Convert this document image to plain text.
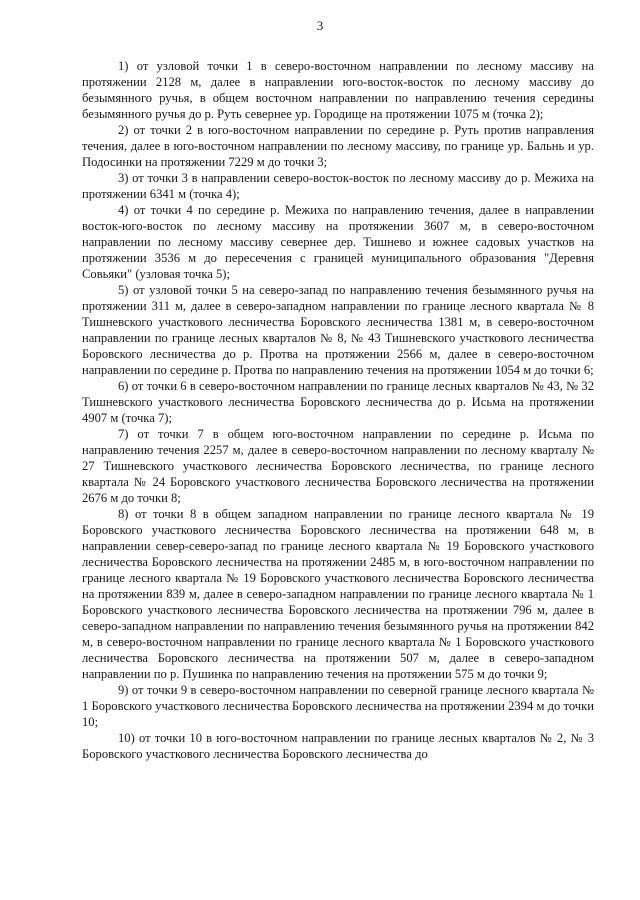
3

1) от узловой точки 1 в северо-восточном направлении по лесному массиву на протяжении 2128 м, далее в направлении юго-восток-восток по лесному массиву до безымянного ручья, в общем восточном направлении по направлению течения середины безымянного ручья до р. Руть севернее ур. Городище на протяжении 1075 м (точка 2);

2) от точки 2 в юго-восточном направлении по середине р. Руть против направления течения, далее в юго-восточном направлении по лесному массиву, по границе ур. Бальнь и ур. Подосинки на протяжении 7229 м до точки 3;

3) от точки 3 в направлении северо-восток-восток по лесному массиву до р. Межиха на протяжении 6341 м (точка 4);

4) от точки 4 по середине р. Межиха по направлению течения, далее в направлении восток-юго-восток по лесному массиву на протяжении 3607 м, в северо-восточном направлении по лесному массиву севернее дер. Тишнево и южнее садовых участков на протяжении 3536 м до пересечения с границей муниципального образования "Деревня Совьяки" (узловая точка 5);

5) от узловой точки 5 на северо-запад по направлению течения безымянного ручья на протяжении 311 м, далее в северо-западном направлении по границе лесного квартала № 8 Тишневского участкового лесничества Боровского лесничества 1381 м, в северо-восточном направлении по границе лесных кварталов № 8, № 43 Тишневского участкового лесничества Боровского лесничества до р. Протва на протяжении 2566 м, далее в северо-восточном направлении по середине р. Протва по направлению течения на протяжении 1054 м до точки 6;

6) от точки 6 в северо-восточном направлении по границе лесных кварталов № 43, № 32 Тишневского участкового лесничества Боровского лесничества до р. Исьма на протяжении 4907 м (точка 7);

7) от точки 7 в общем юго-восточном направлении по середине р. Исьма по направлению течения 2257 м, далее в северо-восточном направлении по лесному кварталу № 27 Тишневского участкового лесничества Боровского лесничества, по границе лесного квартала № 24 Боровского участкового лесничества Боровского лесничества на протяжении 2676 м до точки 8;

8) от точки 8 в общем западном направлении по границе лесного квартала № 19 Боровского участкового лесничества Боровского лесничества на протяжении 648 м, в направлении север-северо-запад по границе лесного квартала № 19 Боровского участкового лесничества Боровского лесничества на протяжении 2485 м, в юго-восточном направлении по границе лесного квартала № 19 Боровского участкового лесничества Боровского лесничества на протяжении 839 м, далее в северо-западном направлении по границе лесного квартала № 1 Боровского участкового лесничества Боровского лесничества на протяжении 796 м, далее в северо-западном направлении по направлению течения безымянного ручья на протяжении 842 м, в северо-восточном направлении по границе лесного квартала № 1 Боровского участкового лесничества Боровского лесничества на протяжении 507 м, далее в северо-западном направлении по р. Пушинка по направлению течения на протяжении 575 м до точки 9;

9) от точки 9 в северо-восточном направлении по северной границе лесного квартала № 1 Боровского участкового лесничества Боровского лесничества на протяжении 2394 м до точки 10;

10) от точки 10 в юго-восточном направлении по границе лесных кварталов № 2, № 3 Боровского участкового лесничества Боровского лесничества до
